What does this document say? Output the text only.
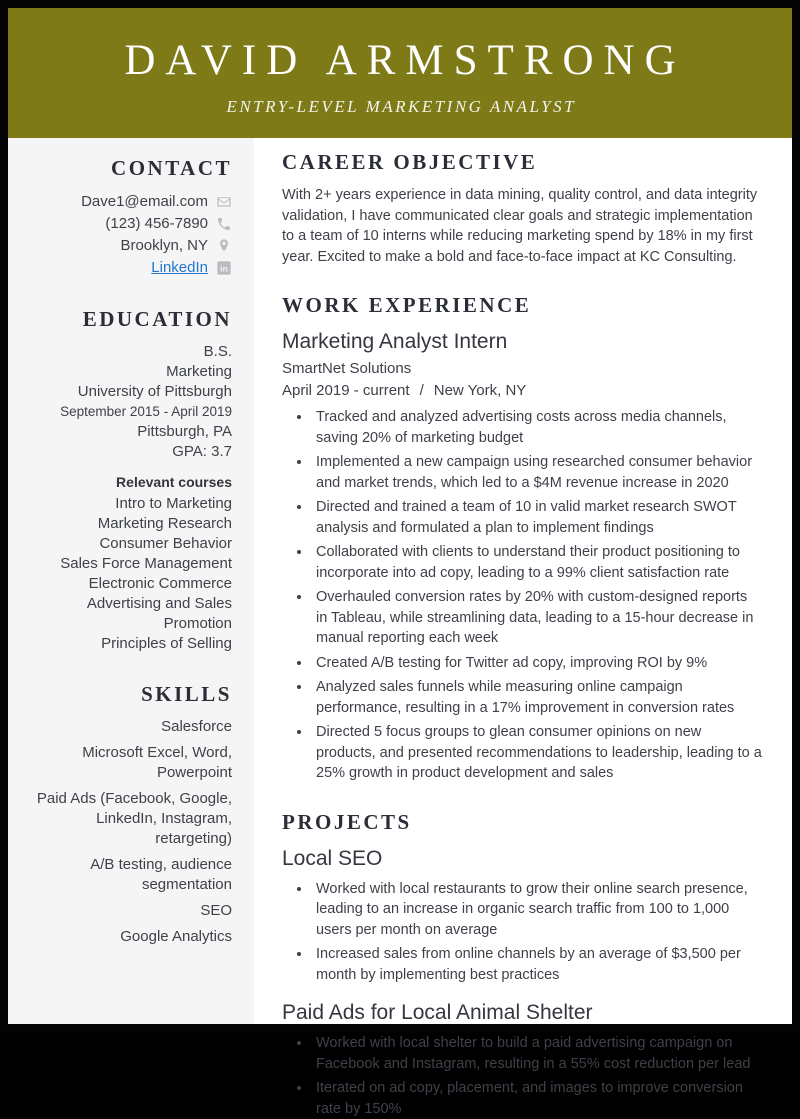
DAVID ARMSTRONG
ENTRY-LEVEL MARKETING ANALYST
CONTACT
Dave1@email.com
(123) 456-7890
Brooklyn, NY
LinkedIn in
EDUCATION
B.S.
Marketing
University of Pittsburgh
September 2015 - April 2019
Pittsburgh, PA
GPA: 3.7
Relevant courses
Intro to Marketing
Marketing Research
Consumer Behavior
Sales Force Management
Electronic Commerce
Advertising and Sales Promotion
Principles of Selling
SKILLS
Salesforce
Microsoft Excel, Word, Powerpoint
Paid Ads (Facebook, Google, LinkedIn, Instagram, retargeting)
A/B testing, audience segmentation
SEO
Google Analytics
CAREER OBJECTIVE

With 2+ years experience in data mining, quality control, and data integrity validation, I have communicated clear goals and strategic implementation to a team of 10 interns while reducing marketing spend by 18% in my first year. Excited to make a bold and face-to-face impact at KC Consulting.

WORK EXPERIENCE
Marketing Analyst Intern
SmartNet Solutions
April 2019 - current / New York, NY
• Tracked and analyzed advertising costs across media channels, saving 20% of marketing budget
• Implemented a new campaign using researched consumer behavior and market trends, which led to a $4M revenue increase in 2020
• Directed and trained a team of 10 in valid market research SWOT analysis and formulated a plan to implement findings
• Collaborated with clients to understand their product positioning to incorporate into ad copy, leading to a 99% client satisfaction rate
• Overhauled conversion rates by 20% with custom-designed reports in Tableau, while streamlining data, leading to a 15-hour decrease in manual reporting each week
• Created A/B testing for Twitter ad copy, improving ROI by 9%
• Analyzed sales funnels while measuring online campaign performance, resulting in a 17% improvement in conversion rates
• Directed 5 focus groups to glean consumer opinions on new products, and presented recommendations to leadership, leading to a 25% growth in product development and sales
PROJECTS
Local SEO
• Worked with local restaurants to grow their online search presence, leading to an increase in organic search traffic from 100 to 1,000 users per month on average
• Increased sales from online channels by an average of $3,500 per month by implementing best practices
Paid Ads for Local Animal Shelter
• Worked with local shelter to build a paid advertising campaign on Facebook and Instagram, resulting in a 55% cost reduction per lead
• Iterated on ad copy, placement, and images to improve conversion rate by 150%
